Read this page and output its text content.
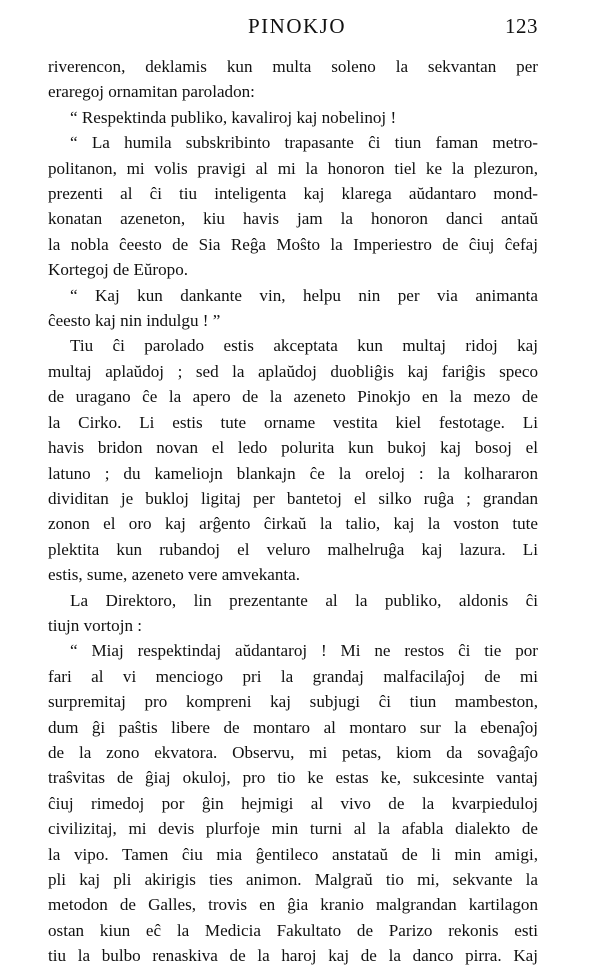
PINOKJO	123
riverencon, deklamis kun multa soleno la sekvantan per
eraregoj ornamitan paroladon:
“ Respektinda publiko, kavaliroj kaj nobelinoj !
“ La humila subskribinto trapasante ĉi tiun faman metro-
politanon, mi volis pravigi al mi la honoron tiel ke la plezuron,
prezenti al ĉi tiu inteligenta kaj klarega aŭdantaro mond-
konatan azeneton, kiu havis jam la honoron danci antaŭ
la nobla ĉeesto de Sia Reĝa Moŝto la Imperiestro de ĉiuj ĉefaj
Kortegoj de Eŭropo.
“ Kaj kun dankante vin, helpu nin per via animanta
ĉeesto kaj nin indulgu ! ”
Tiu ĉi parolado estis akceptata kun multaj ridoj kaj
multaj aplaŭdoj ; sed la aplaŭdoj duobliĝis kaj fariĝis speco
de uragano ĉe la apero de la azeneto Pinokjo en la mezo de
la Cirko. Li estis tute orname vestita kiel festotage. Li
havis bridon novan el ledo polurita kun bukoj kaj bosoj el
latuno ; du kameliojn blankajn ĉe la oreloj : la kolhararon
dividitan je bukloj ligitaj per bantetoj el silko ruĝa ; grandan
zonon el oro kaj arĝento ĉirkaŭ la talio, kaj la voston tute
plektita kun rubandoj el veluro malhelruĝa kaj lazura. Li
estis, sume, azeneto vere amvekanta.
La Direktoro, lin prezentante al la publiko, aldonis ĉi
tiujn vortojn :
“ Miaj respektindaj aŭdantaroj ! Mi ne restos ĉi tie por
fari al vi menciogo pri la grandaj malfacilaĵoj de mi
surpremitaj pro kompreni kaj subjugi ĉi tiun mambeston,
dum ĝi paŝtis libere de montaro al montaro sur la ebenaĵoj
de la zono ekvatora. Observu, mi petas, kiom da sovaĝaĵo
traŝvitas de ĝiaj okuloj, pro tio ke estas ke, sukcesinte vantaj
ĉiuj rimedoj por ĝin hejmigi al vivo de la kvarpieduloj
civilizitaj, mi devis plurfoje min turni al la afabla dialekto de
la vipo. Tamen ĉiu mia ĝentileco anstataŭ de li min amigi,
pli kaj pli akirigis ties animon. Malgraŭ tio mi, sekvante la
metodon de Galles, trovis en ĝia kranio malgrandan kartilagon
ostan kiun eĉ la Medicia Fakultato de Parizo rekonis esti
tiu la bulbo renaskiva de la haroj kaj de la danco pirra. Kaj
